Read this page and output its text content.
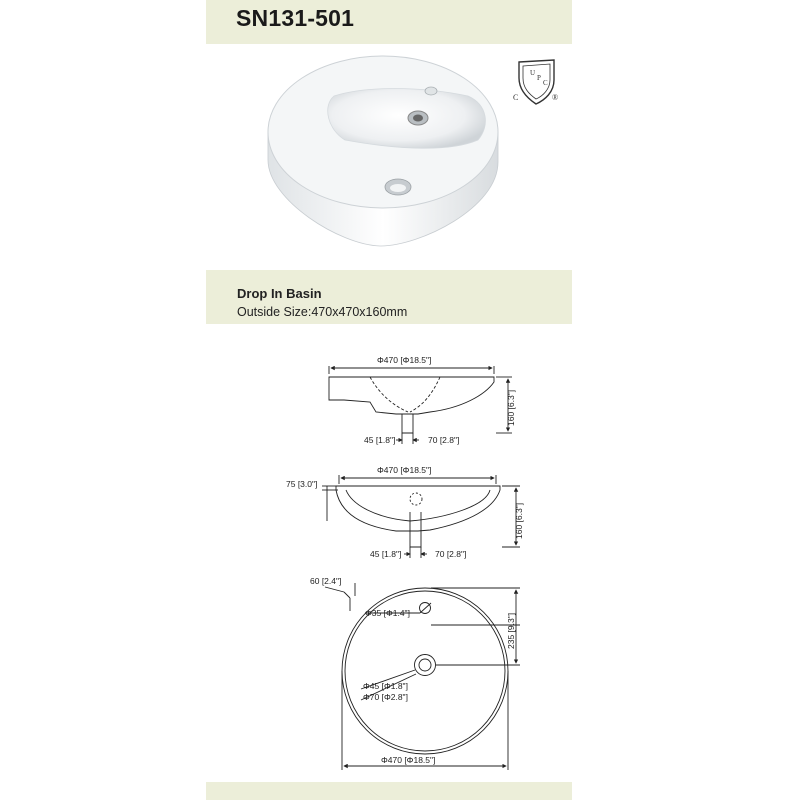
SN131-501
Drop In Basin
Outside Size:470x470x160mm
U
P
C
C	®
Φ470 [Φ18.5"]
160 [6.3"]
45 [1.8"]	70 [2.8"]
Φ470 [Φ18.5"]
75 [3.0"]
160 [6.3"]
45 [1.8"]	70 [2.8"]
60 [2.4"]
Φ35 [Φ1.4"]	235 [9.3"]
Φ45 [Φ1.8"]
Φ70 [Φ2.8"]
Φ470 [Φ18.5"]
